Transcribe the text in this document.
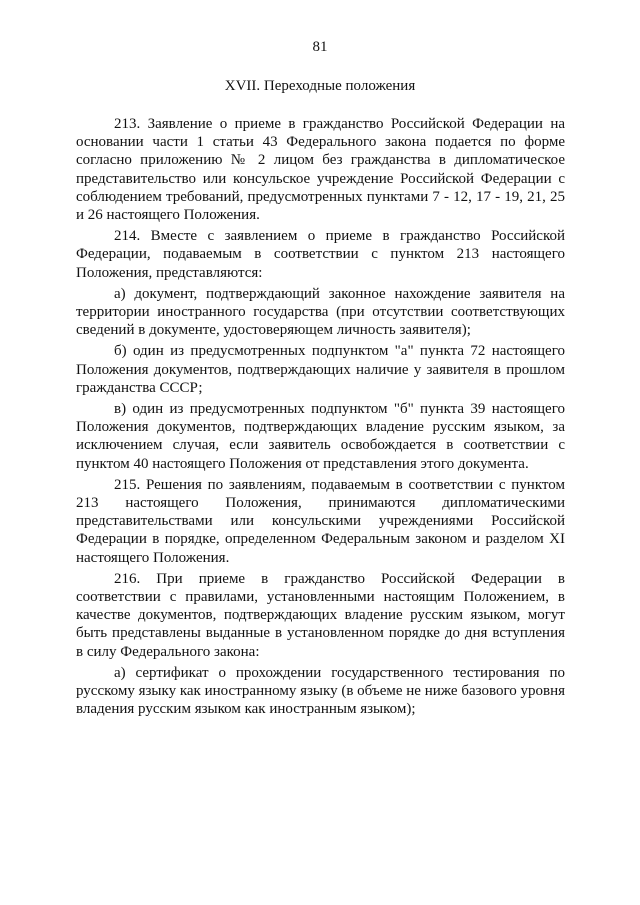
81
XVII. Переходные положения

213. Заявление о приеме в гражданство Российской Федерации на основании части 1 статьи 43 Федерального закона подается по форме согласно приложению № 2 лицом без гражданства в дипломатическое представительство или консульское учреждение Российской Федерации с соблюдением требований, предусмотренных пунктами 7 - 12, 17 - 19, 21, 25 и 26 настоящего Положения.

214. Вместе с заявлением о приеме в гражданство Российской Федерации, подаваемым в соответствии с пунктом 213 настоящего Положения, представляются:

а) документ, подтверждающий законное нахождение заявителя на территории иностранного государства (при отсутствии соответствующих сведений в документе, удостоверяющем личность заявителя);

б) один из предусмотренных подпунктом "а" пункта 72 настоящего Положения документов, подтверждающих наличие у заявителя в прошлом гражданства СССР;

в) один из предусмотренных подпунктом "б" пункта 39 настоящего Положения документов, подтверждающих владение русским языком, за исключением случая, если заявитель освобождается в соответствии с пунктом 40 настоящего Положения от представления этого документа.

215. Решения по заявлениям, подаваемым в соответствии с пунктом 213 настоящего Положения, принимаются дипломатическими представительствами или консульскими учреждениями Российской Федерации в порядке, определенном Федеральным законом и разделом XI настоящего Положения.

216. При приеме в гражданство Российской Федерации в соответствии с правилами, установленными настоящим Положением, в качестве документов, подтверждающих владение русским языком, могут быть представлены выданные в установленном порядке до дня вступления в силу Федерального закона:

а) сертификат о прохождении государственного тестирования по русскому языку как иностранному языку (в объеме не ниже базового уровня владения русским языком как иностранным языком);
